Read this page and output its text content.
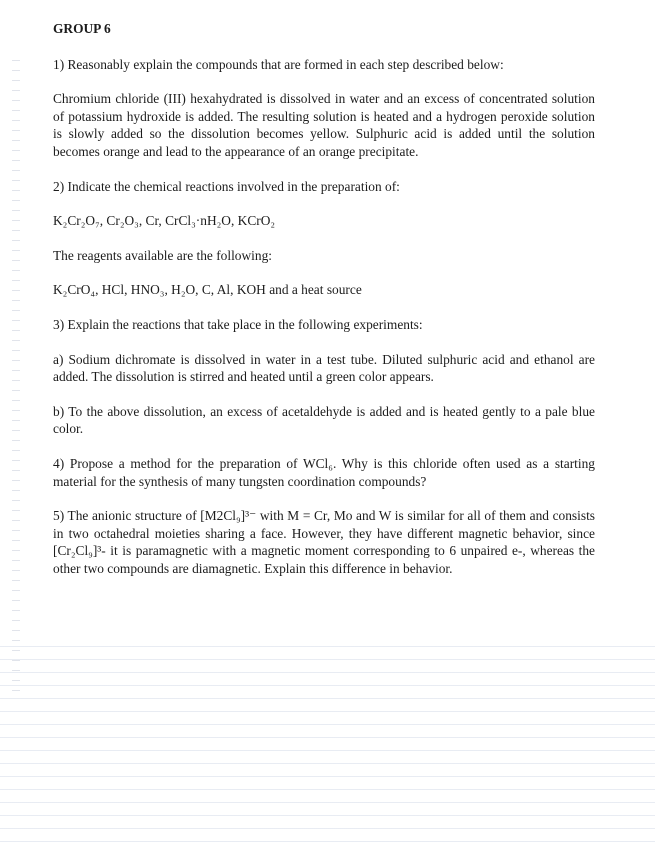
GROUP 6

1) Reasonably explain the compounds that are formed in each step described below:

Chromium chloride (III) hexahydrated is dissolved in water and an excess of concentrated solution of potassium hydroxide is added. The resulting solution is heated and a hydrogen peroxide solution is slowly added so the dissolution becomes yellow. Sulphuric acid is added until the solution becomes orange and lead to the appearance of an orange precipitate.

2) Indicate the chemical reactions involved in the preparation of:

K₂Cr₂O₇, Cr₂O₃, Cr, CrCl₃·nH₂O, KCrO₂

The reagents available are the following:

K₂CrO₄, HCl, HNO₃, H₂O, C, Al, KOH and a heat source

3) Explain the reactions that take place in the following experiments:

a) Sodium dichromate is dissolved in water in a test tube. Diluted sulphuric acid and ethanol are added. The dissolution is stirred and heated until a green color appears.

b) To the above dissolution, an excess of acetaldehyde is added and is heated gently to a pale blue color.

4) Propose a method for the preparation of WCl₆. Why is this chloride often used as a starting material for the synthesis of many tungsten coordination compounds?

5) The anionic structure of [M2Cl₉]³⁻ with M = Cr, Mo and W is similar for all of them and consists in two octahedral moieties sharing a face. However, they have different magnetic behavior, since [Cr₂Cl₉]³- it is paramagnetic with a magnetic moment corresponding to 6 unpaired e-, whereas the other two compounds are diamagnetic. Explain this difference in behavior.
